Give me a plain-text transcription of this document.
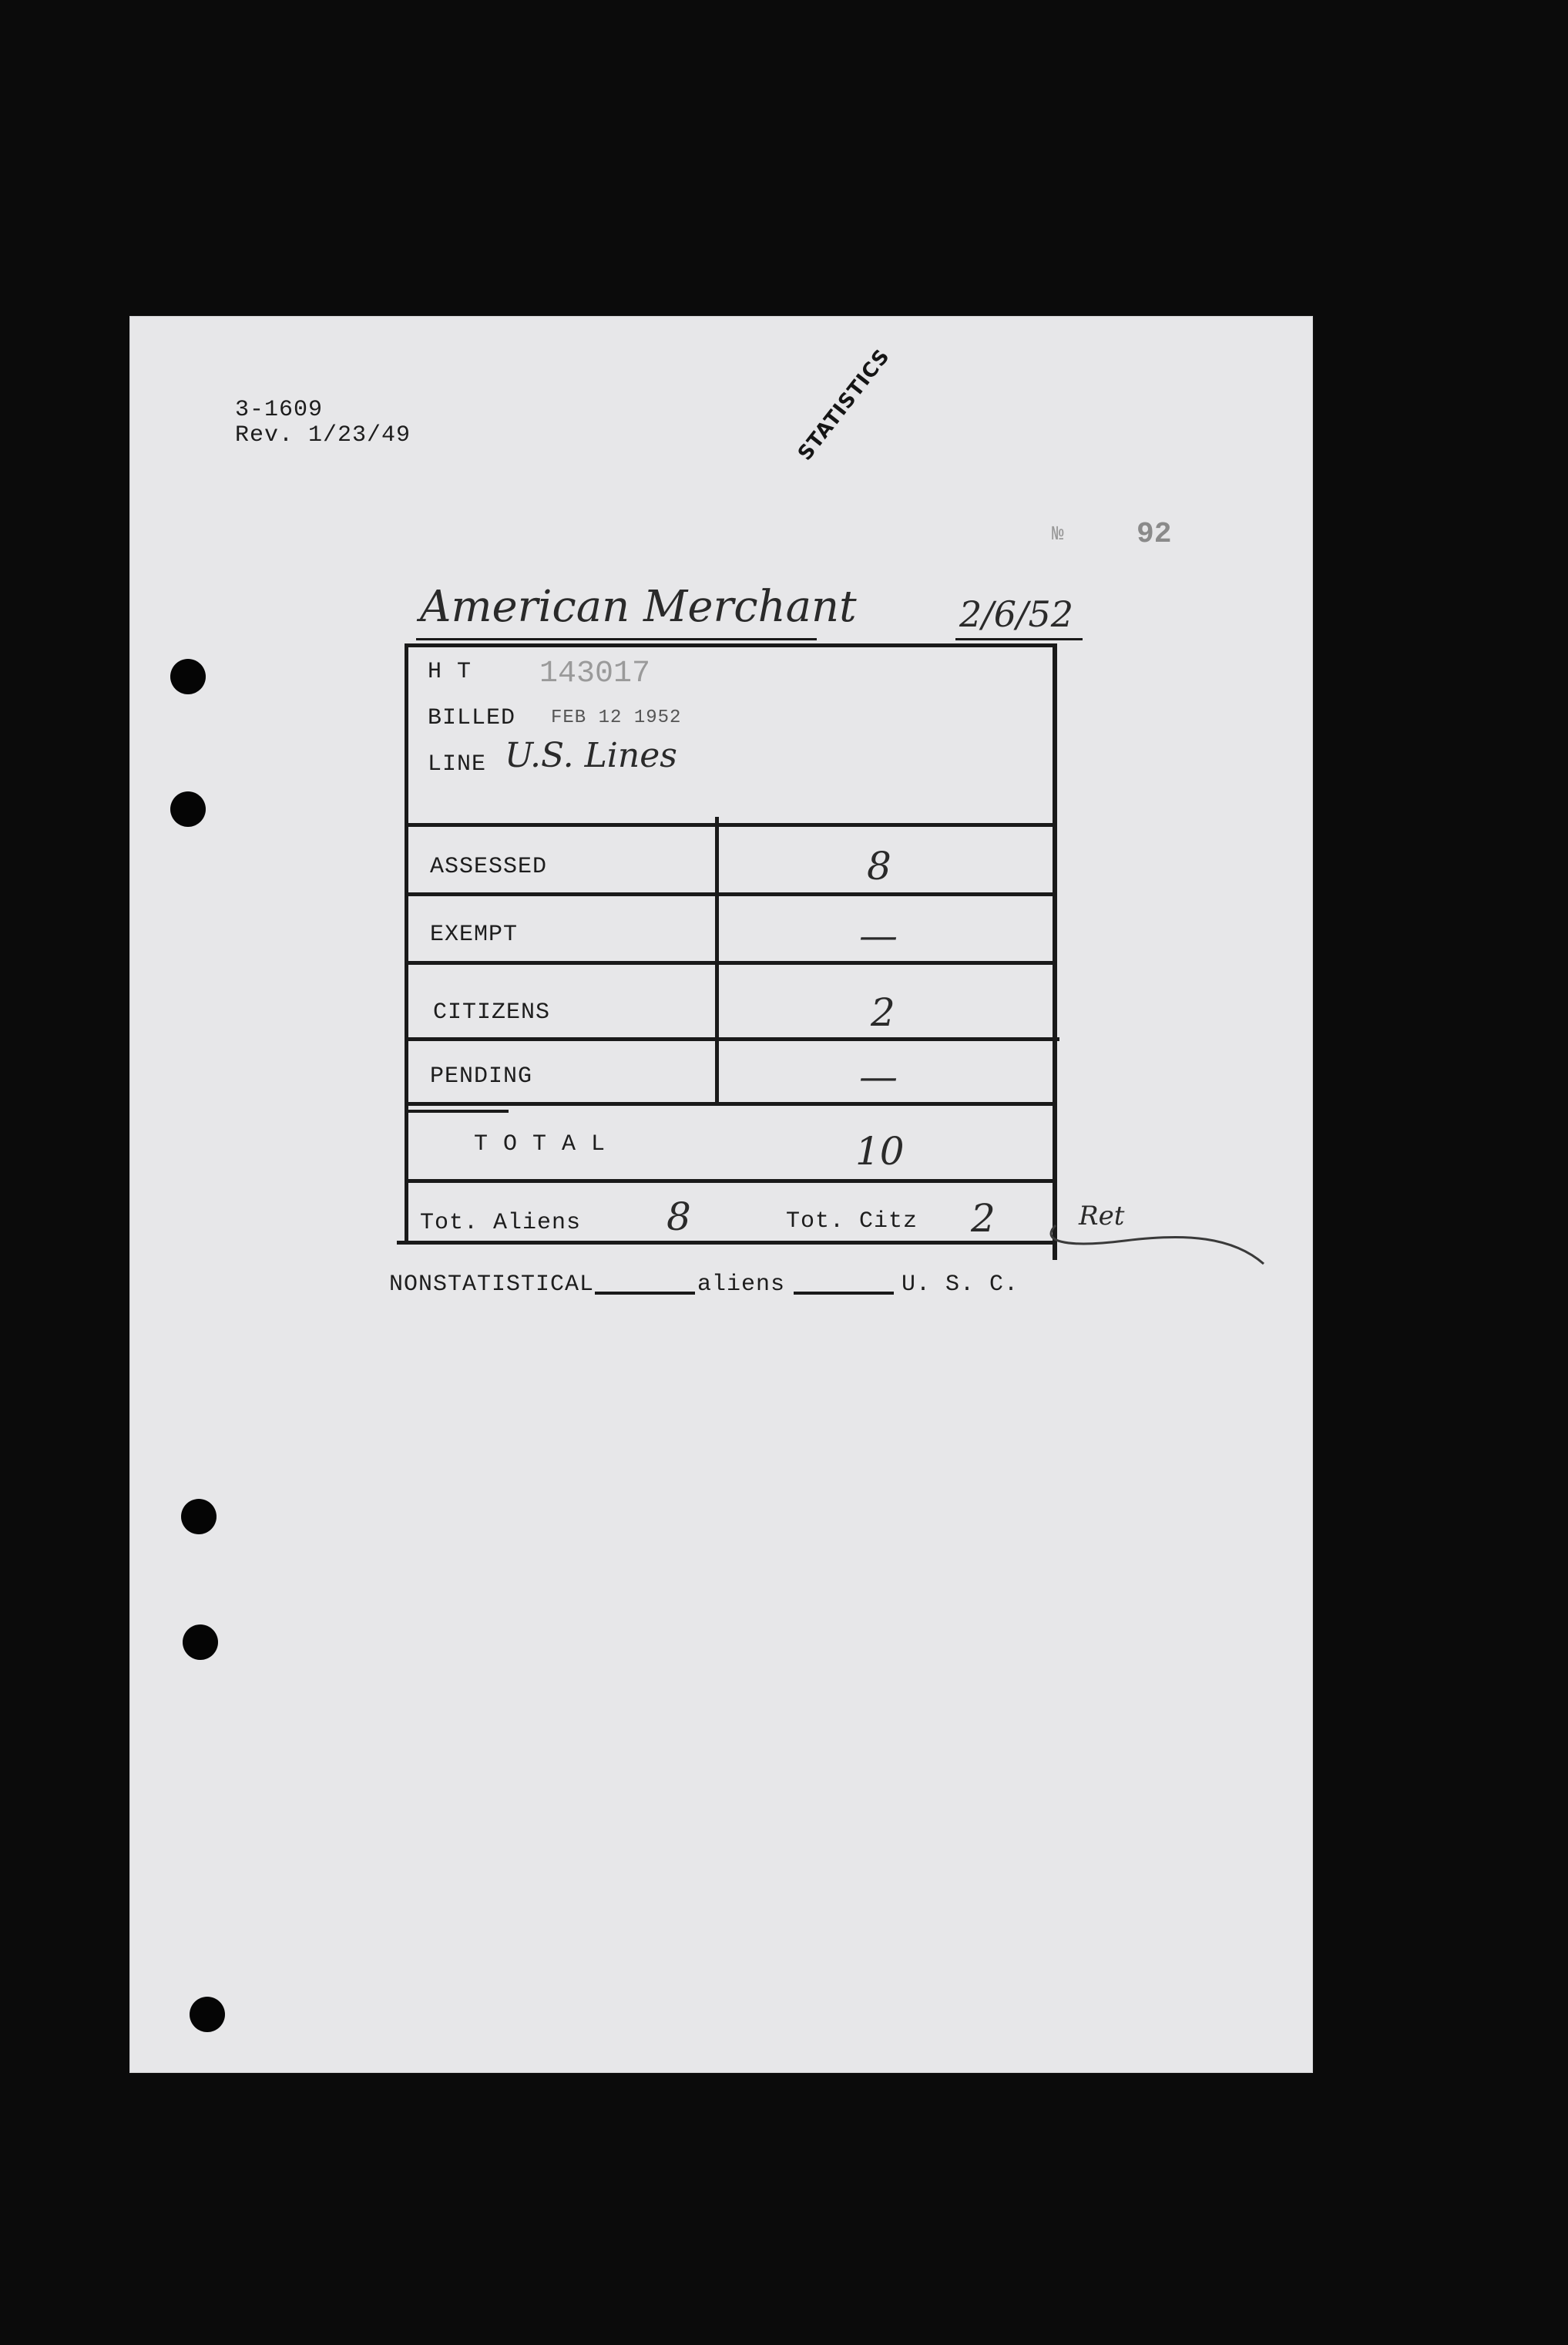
3-1609
Rev. 1/23/49	STATISTICS
№ 92
American Merchant	2/6/52
H T 143017
BILLED FEB 12 1952
LINE U.S. Lines
ASSESSED	8
EXEMPT	—
CITIZENS	2
PENDING	—
T O T A L	10
Tot. Aliens 8	Tot. Citz 2	Ret
NONSTATISTICAL	aliens	U. S. C.
